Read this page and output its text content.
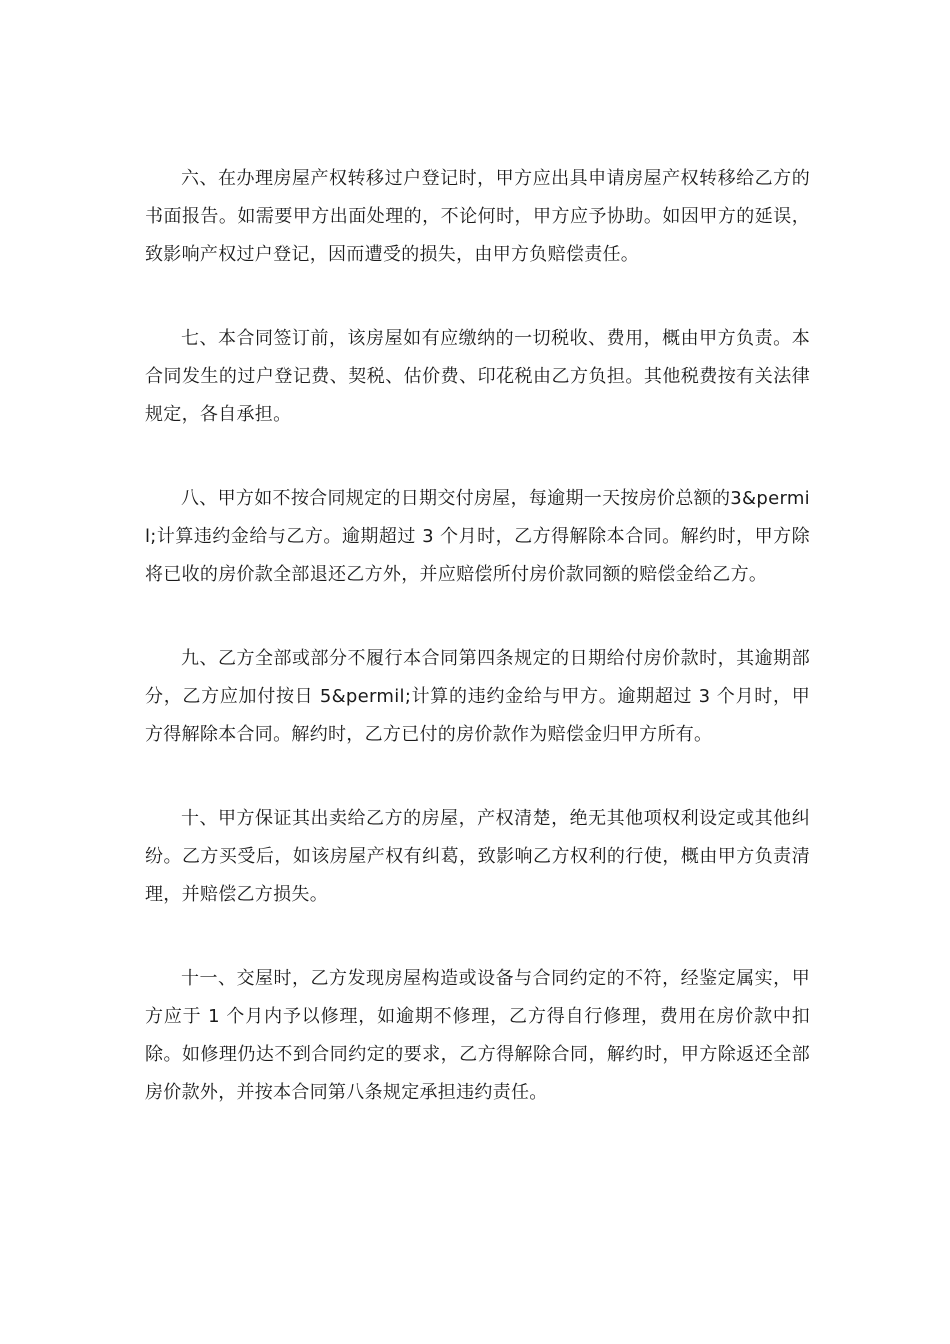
六、在办理房屋产权转移过户登记时，甲方应出具申请房屋产权转移给乙方的书面报告。如需要甲方出面处理的，不论何时，甲方应予协助。如因甲方的延误，致影响产权过户登记，因而遭受的损失，由甲方负赔偿责任。

七、本合同签订前，该房屋如有应缴纳的一切税收、费用，概由甲方负责。本合同发生的过户登记费、契税、估价费、印花税由乙方负担。其他税费按有关法律规定，各自承担。

八、甲方如不按合同规定的日期交付房屋，每逾期一天按房价总额的3&permil;计算违约金给与乙方。逾期超过 3 个月时，乙方得解除本合同。解约时，甲方除将已收的房价款全部退还乙方外，并应赔偿所付房价款同额的赔偿金给乙方。

九、乙方全部或部分不履行本合同第四条规定的日期给付房价款时，其逾期部分，乙方应加付按日 5&permil;计算的违约金给与甲方。逾期超过 3 个月时，甲方得解除本合同。解约时，乙方已付的房价款作为赔偿金归甲方所有。

十、甲方保证其出卖给乙方的房屋，产权清楚，绝无其他项权利设定或其他纠纷。乙方买受后，如该房屋产权有纠葛，致影响乙方权利的行使，概由甲方负责清理，并赔偿乙方损失。

十一、交屋时，乙方发现房屋构造或设备与合同约定的不符，经鉴定属实，甲方应于 1 个月内予以修理，如逾期不修理，乙方得自行修理，费用在房价款中扣除。如修理仍达不到合同约定的要求，乙方得解除合同，解约时，甲方除返还全部房价款外，并按本合同第八条规定承担违约责任。
